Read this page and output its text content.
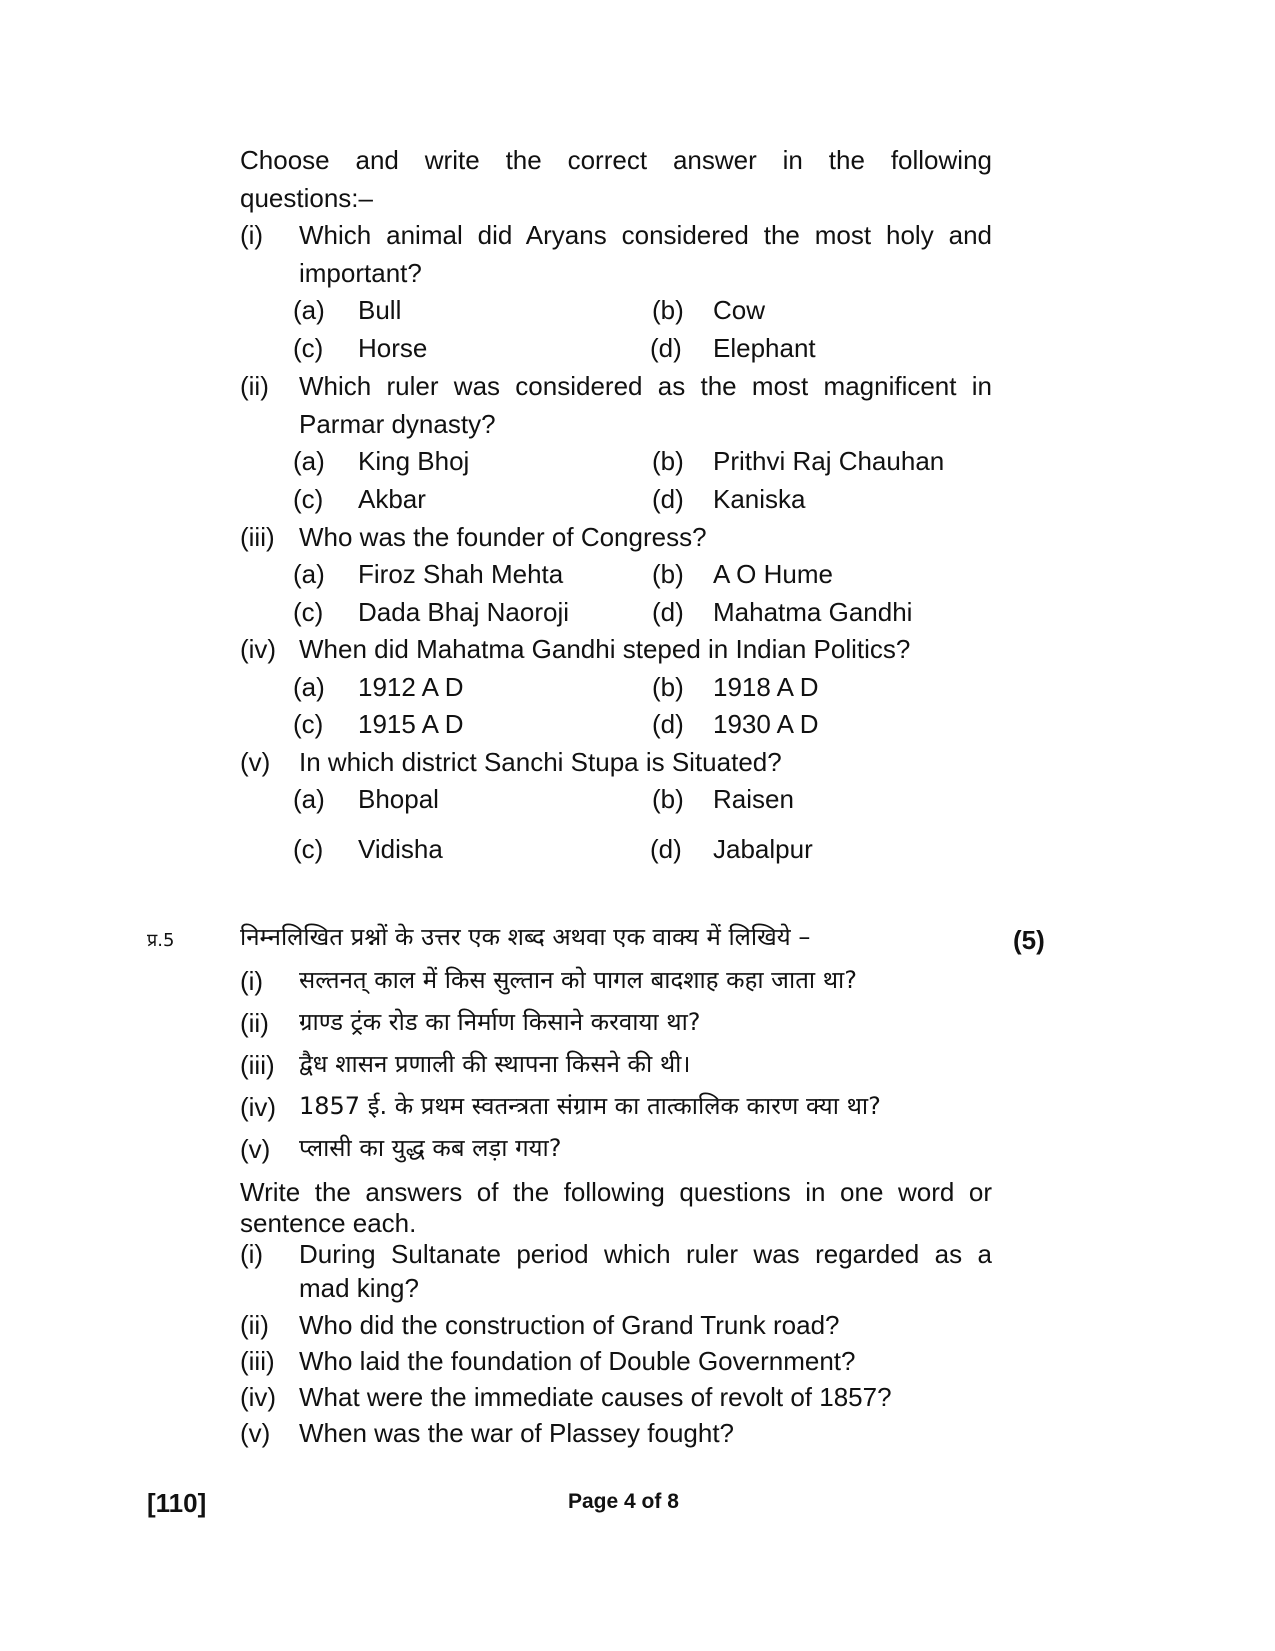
Choose and write the correct answer in the following
questions:–
(i) Which animal did Aryans considered the most holy and
important?
(a) Bull	(b) Cow
(c) Horse	(d) Elephant
(ii) Which ruler was considered as the most magnificent in
Parmar dynasty?
(a) King Bhoj	(b) Prithvi Raj Chauhan
(c) Akbar	(d) Kaniska
(iii) Who was the founder of Congress?
(a) Firoz Shah Mehta	(b) A O Hume
(c) Dada Bhaj Naoroji	(d) Mahatma Gandhi
(iv) When did Mahatma Gandhi steped in Indian Politics?
(a) 1912 A D	(b) 1918 A D
(c) 1915 A D	(d) 1930 A D
(v) In which district Sanchi Stupa is Situated?
(a) Bhopal	(b) Raisen
(c) Vidisha	(d) Jabalpur
प्र.5	निम्नलिखित प्रश्नों के उत्तर एक शब्द अथवा एक वाक्य में लिखिये –	(5)
(i) सल्तनत् काल में किस सुल्तान को पागल बादशाह कहा जाता था?
(ii) ग्राण्ड ट्रंक रोड का निर्माण किसाने करवाया था?
(iii) द्वैध शासन प्रणाली की स्थापना किसने की थी।
(iv) 1857 ई. के प्रथम स्वतन्त्रता संग्राम का तात्कालिक कारण क्या था?
(v) प्लासी का युद्ध कब लड़ा गया?
Write the answers of the following questions in one word or
sentence each.
(i) During Sultanate period which ruler was regarded as a
mad king?
(ii) Who did the construction of Grand Trunk road?
(iii) Who laid the foundation of Double Government?
(iv) What were the immediate causes of revolt of 1857?
(v) When was the war of Plassey fought?
[110]	Page 4 of 8
